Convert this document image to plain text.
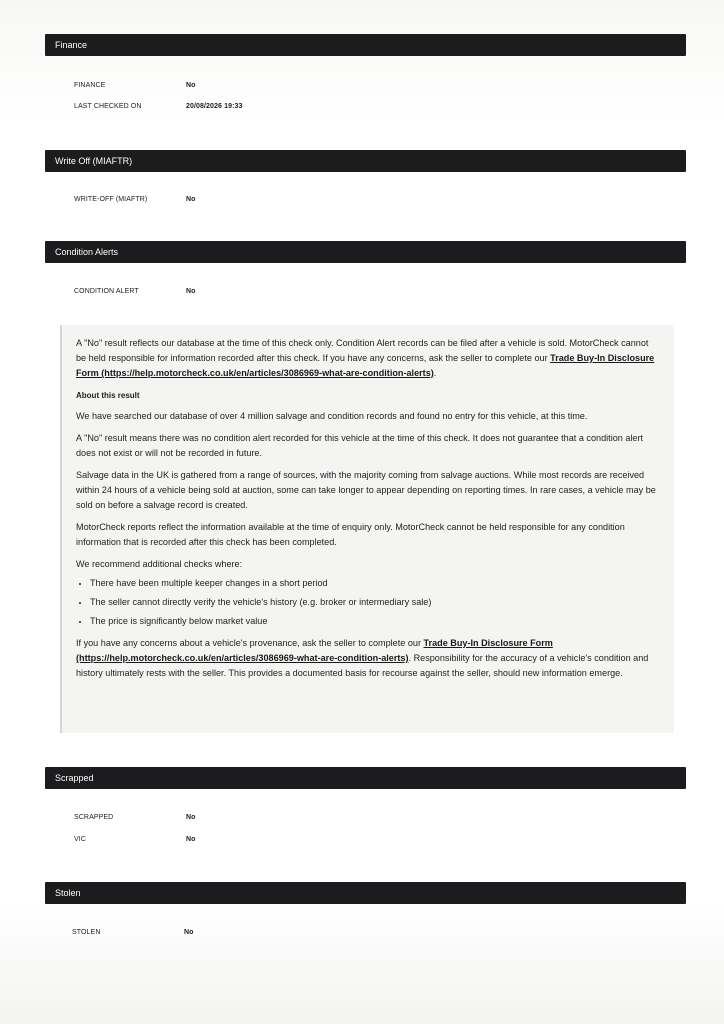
Finance
FINANCE	No
LAST CHECKED ON	20/08/2026 19:33
Write Off (MIAFTR)
WRITE-OFF (MIAFTR)	No
Condition Alerts
CONDITION ALERT	No

A "No" result reflects our database at the time of this check only. Condition Alert records can be filed after a vehicle is sold. MotorCheck cannot be held responsible for information recorded after this check. If you have any concerns, ask the seller to complete our Trade Buy-In Disclosure Form (https://help.motorcheck.co.uk/en/articles/3086969-what-are-condition-alerts).

About this result

We have searched our database of over 4 million salvage and condition records and found no entry for this vehicle, at this time.

A "No" result means there was no condition alert recorded for this vehicle at the time of this check. It does not guarantee that a condition alert does not exist or will not be recorded in future.

Salvage data in the UK is gathered from a range of sources, with the majority coming from salvage auctions. While most records are received within 24 hours of a vehicle being sold at auction, some can take longer to appear depending on reporting times. In rare cases, a vehicle may be sold on before a salvage record is created.

MotorCheck reports reflect the information available at the time of enquiry only. MotorCheck cannot be held responsible for any condition information that is recorded after this check has been completed.

We recommend additional checks where:

• There have been multiple keeper changes in a short period
• The seller cannot directly verify the vehicle's history (e.g. broker or intermediary sale)
• The price is significantly below market value

If you have any concerns about a vehicle's provenance, ask the seller to complete our Trade Buy-In Disclosure Form (https://help.motorcheck.co.uk/en/articles/3086969-what-are-condition-alerts). Responsibility for the accuracy of a vehicle's condition and history ultimately rests with the seller. This provides a documented basis for recourse against the seller, should new information emerge.

Scrapped
SCRAPPED	No
VIC	No
Stolen
STOLEN	No
